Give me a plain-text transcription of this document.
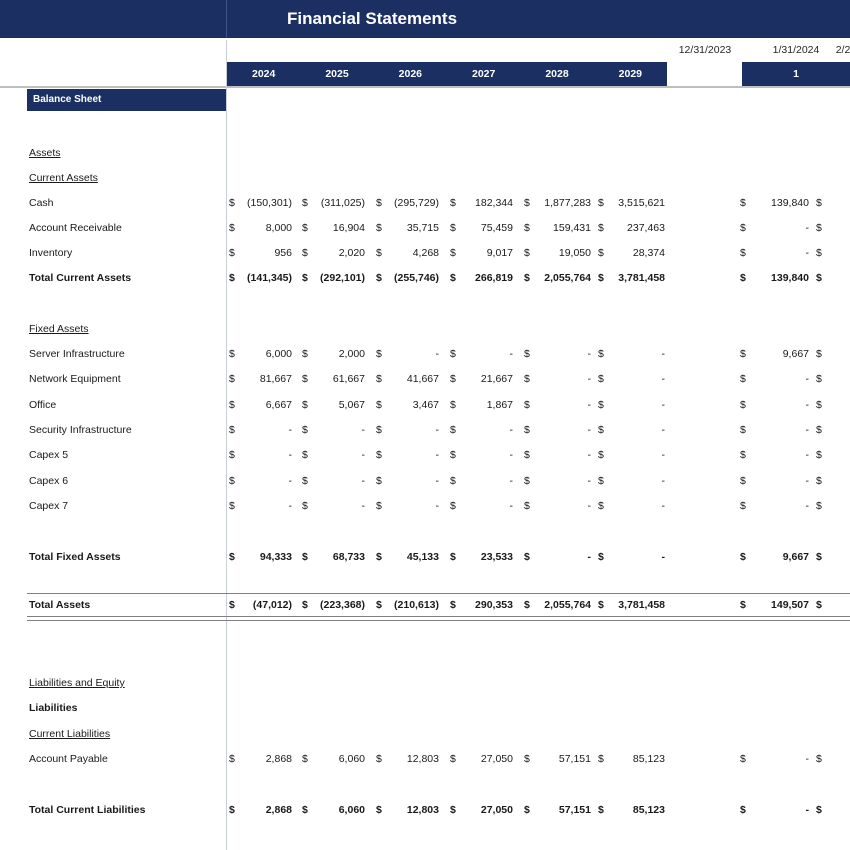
Financial Statements
12/31/2023	1/31/2024	2/2
2024	2025	2026	2027	2028	2029	1
Balance Sheet
Assets
Current Assets
Cash	$	(150,301) $	(311,025) $	(295,729) $	182,344 $	1,877,283 $	3,515,621	$	139,840 $
Account Receivable	$	8,000 $	16,904 $	35,715 $	75,459 $	159,431 $	237,463	$	- $
Inventory	$	956 $	2,020 $	4,268 $	9,017 $	19,050 $	28,374	$	- $
Total Current Assets	$	(141,345) $	(292,101) $	(255,746) $	266,819 $	2,055,764 $	3,781,458	$	139,840 $
Fixed Assets
Server Infrastructure	$	6,000 $	2,000 $	- $	- $	- $	-	$	9,667 $
Network Equipment	$	81,667 $	61,667 $	41,667 $	21,667 $	- $	-	$	- $
Office	$	6,667 $	5,067 $	3,467 $	1,867 $	- $	-	$	- $
Security Infrastructure	$	- $	- $	- $	- $	- $	-	$	- $
Capex 5	$	- $	- $	- $	- $	- $	-	$	- $
Capex 6	$	- $	- $	- $	- $	- $	-	$	- $
Capex 7	$	- $	- $	- $	- $	- $	-	$	- $
Total Fixed Assets	$	94,333 $	68,733 $	45,133 $	23,533 $	- $	-	$	9,667 $
Total Assets	$	(47,012) $	(223,368) $	(210,613) $	290,353 $	2,055,764 $	3,781,458	$	149,507 $
Liabilities and Equity
Liabilities
Current Liabilities
Account Payable	$	2,868 $	6,060 $	12,803 $	27,050 $	57,151 $	85,123	$	- $
Total Current Liabilities	$	2,868 $	6,060 $	12,803 $	27,050 $	57,151 $	85,123	$	- $
